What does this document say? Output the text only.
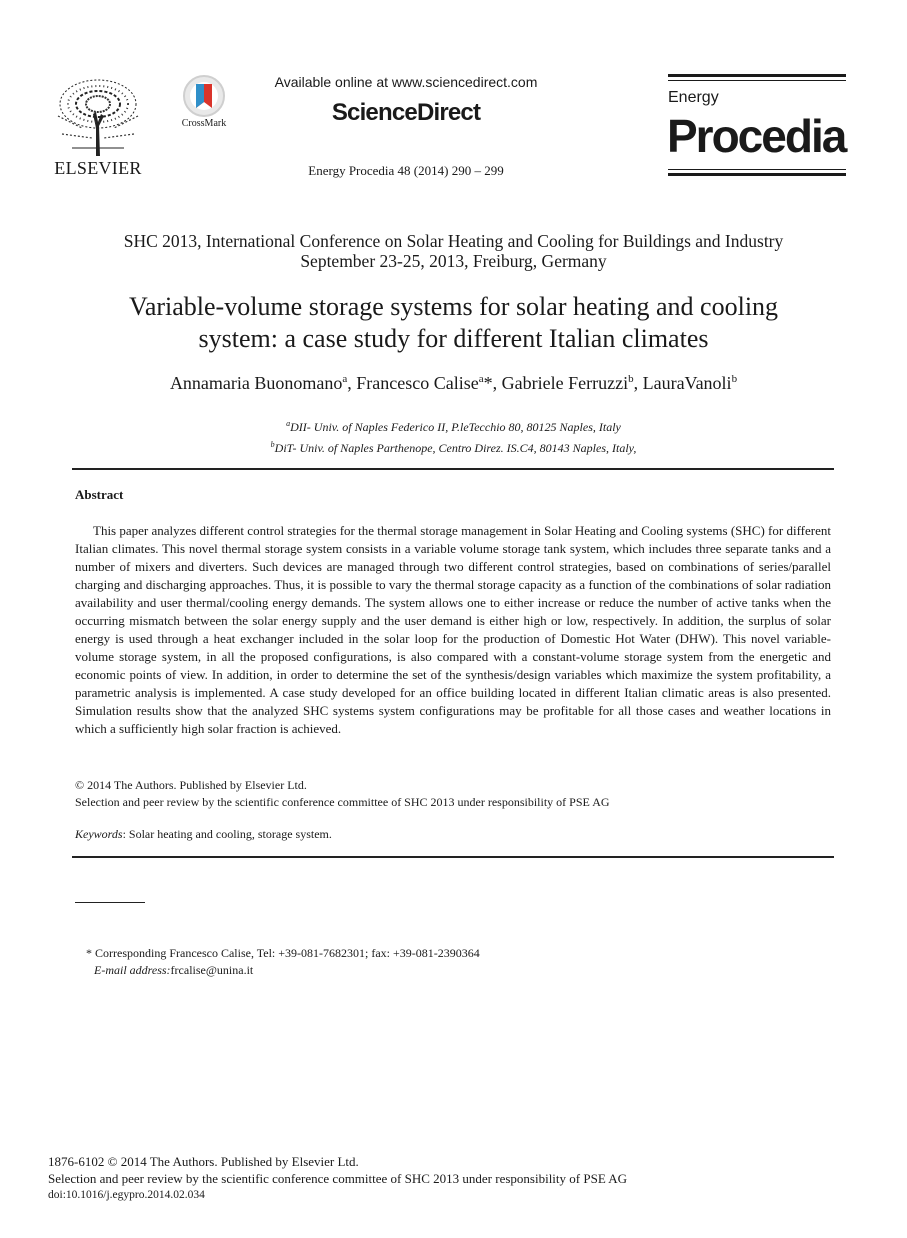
ELSEVIER
CrossMark
Available online at www.sciencedirect.com
ScienceDirect
Energy Procedia 48 (2014) 290 – 299
Energy
Procedia
SHC 2013, International Conference on Solar Heating and Cooling for Buildings and Industry
September 23-25, 2013, Freiburg, Germany
Variable-volume storage systems for solar heating and cooling
system: a case study for different Italian climates
Annamaria Buonomano$^a$, Francesco Calise$^a$*, Gabriele Ferruzzi$^b$, LauraVanoli$^b$
$^a$DII- Univ. of Naples Federico II, P.leTecchio 80, 80125 Naples, Italy
$^b$DiT- Univ. of Naples Parthenope, Centro Direz. IS.C4, 80143 Naples, Italy,
Abstract
This paper analyzes different control strategies for the thermal storage management in Solar Heating and Cooling systems (SHC) for different Italian climates. This novel thermal storage system consists in a variable volume storage tank system, which includes three separate tanks and a number of mixers and diverters. Such devices are managed through two different control strategies, based on combinations of series/parallel charging and discharging approaches. Thus, it is possible to vary the thermal storage capacity as a function of the combinations of solar radiation availability and user thermal/cooling energy demands. The system allows one to either increase or reduce the number of active tanks when the occurring mismatch between the solar energy supply and the user demand is either high or low, respectively. In addition, the surplus of solar energy is used through a heat exchanger included in the solar loop for the production of Domestic Hot Water (DHW). This novel variable-volume storage system, in all the proposed configurations, is also compared with a constant-volume storage system from the energetic and economic points of view. In addition, in order to determine the set of the synthesis/design variables which maximize the system profitability, a parametric analysis is implemented. A case study developed for an office building located in different Italian climatic areas is also presented. Simulation results show that the analyzed SHC systems system configurations may be profitable for all those cases and weather locations in which a sufficiently high solar fraction is achieved.
© 2014 The Authors. Published by Elsevier Ltd.
Selection and peer review by the scientific conference committee of SHC 2013 under responsibility of PSE AG
Keywords: Solar heating and cooling, storage system.
* Corresponding Francesco Calise, Tel: +39-081-7682301; fax: +39-081-2390364
E-mail address:frcalise@unina.it
1876-6102 © 2014 The Authors. Published by Elsevier Ltd.
Selection and peer review by the scientific conference committee of SHC 2013 under responsibility of PSE AG
doi:10.1016/j.egypro.2014.02.034
